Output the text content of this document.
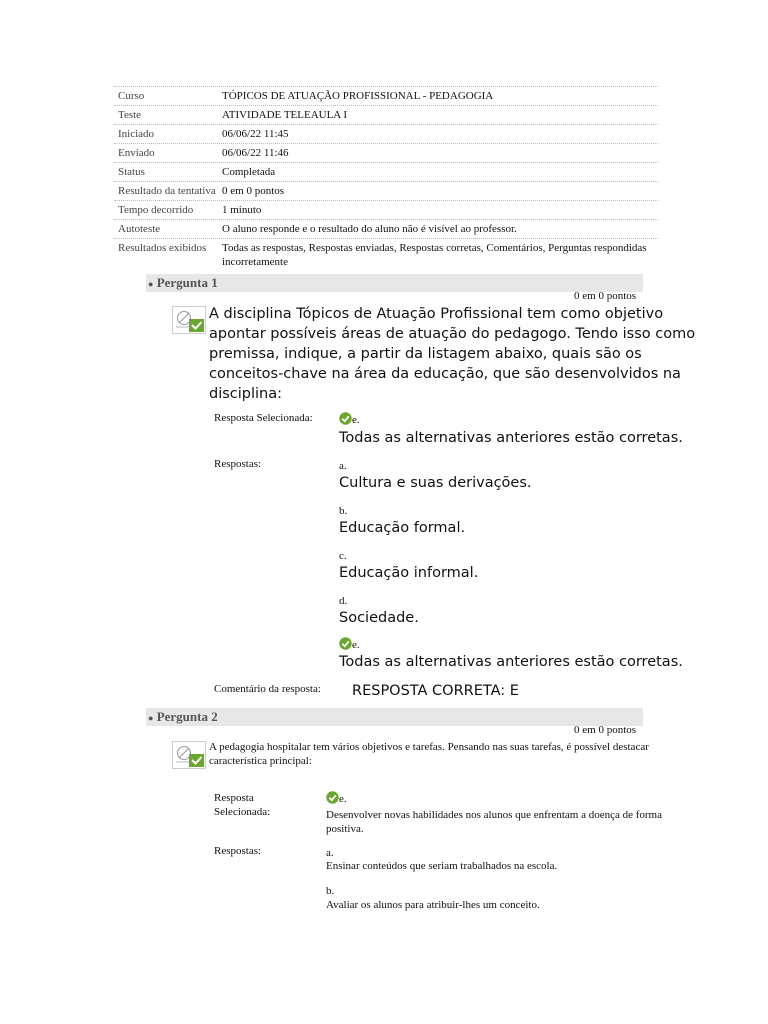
Curso	TÓPICOS DE ATUAÇÃO PROFISSIONAL - PEDAGOGIA
Teste	ATIVIDADE TELEAULA I
Iniciado	06/06/22 11:45
Enviado	06/06/22 11:46
Status	Completada
Resultado da tentativa 0 em 0 pontos
Tempo decorrido	1 minuto
Autoteste	O aluno responde e o resultado do aluno não é visível ao professor.
Resultados exibidos	Todas as respostas, Respostas enviadas, Respostas corretas, Comentários, Perguntas respondidas incorretamente
● Pergunta 1
0 em 0 pontos
A disciplina Tópicos de Atuação Profissional tem como objetivo apontar possíveis áreas de atuação do pedagogo. Tendo isso como premissa, indique, a partir da listagem abaixo, quais são os conceitos-chave na área da educação, que são desenvolvidos na disciplina:
Resposta Selecionada:	e.
Todas as alternativas anteriores estão corretas.
Respostas:	a.
Cultura e suas derivações.
b.
Educação formal.
c.
Educação informal.
d.
Sociedade.
e.
Todas as alternativas anteriores estão corretas.
Comentário da resposta: RESPOSTA CORRETA: E
● Pergunta 2
0 em 0 pontos
A pedagogia hospitalar tem vários objetivos e tarefas. Pensando nas suas tarefas, é possível destacar característica principal:
Resposta Selecionada:
e.
Desenvolver novas habilidades nos alunos que enfrentam a doença de forma positiva.
Respostas:	a.
Ensinar conteúdos que seriam trabalhados na escola.
b.
Avaliar os alunos para atribuir-lhes um conceito.
